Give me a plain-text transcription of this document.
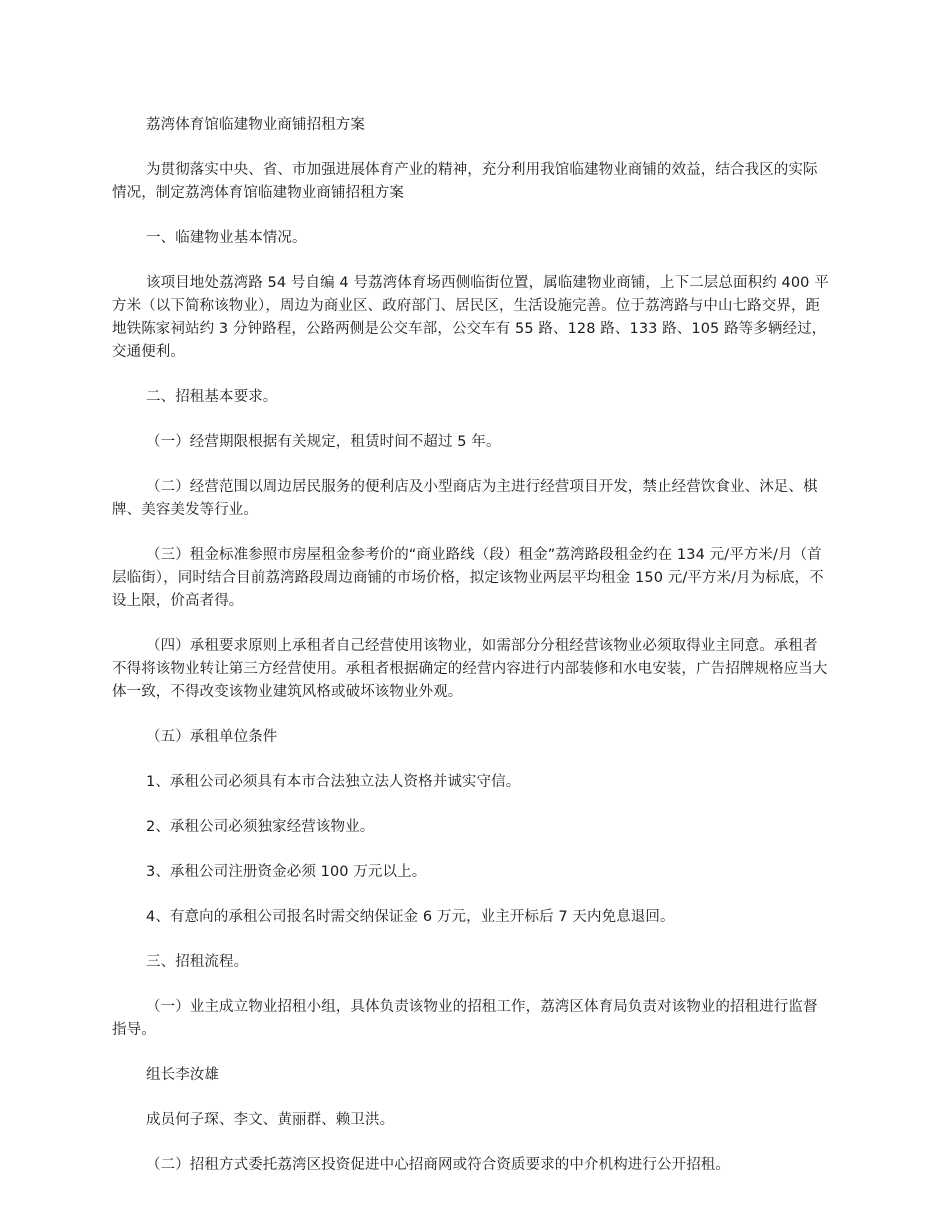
荔湾体育馆临建物业商铺招租方案

为贯彻落实中央、省、市加强进展体育产业的精神，充分利用我馆临建物业商铺的效益，结合我区的实际情况，制定荔湾体育馆临建物业商铺招租方案

一、临建物业基本情况。

该项目地处荔湾路 54 号自编 4 号荔湾体育场西侧临街位置，属临建物业商铺，上下二层总面积约 400 平方米（以下简称该物业），周边为商业区、政府部门、居民区，生活设施完善。位于荔湾路与中山七路交界，距地铁陈家祠站约 3 分钟路程，公路两侧是公交车部，公交车有 55 路、128 路、133 路、105 路等多辆经过，交通便利。

二、招租基本要求。

（一）经营期限根据有关规定，租赁时间不超过 5 年。

（二）经营范围以周边居民服务的便利店及小型商店为主进行经营项目开发，禁止经营饮食业、沐足、棋牌、美容美发等行业。

（三）租金标准参照市房屋租金参考价的“商业路线（段）租金”荔湾路段租金约在 134 元/平方米/月（首层临街），同时结合目前荔湾路段周边商铺的市场价格，拟定该物业两层平均租金 150 元/平方米/月为标底，不设上限，价高者得。

（四）承租要求原则上承租者自己经营使用该物业，如需部分分租经营该物业必须取得业主同意。承租者不得将该物业转让第三方经营使用。承租者根据确定的经营内容进行内部装修和水电安装，广告招牌规格应当大体一致，不得改变该物业建筑风格或破坏该物业外观。

（五）承租单位条件

1、承租公司必须具有本市合法独立法人资格并诚实守信。

2、承租公司必须独家经营该物业。

3、承租公司注册资金必须 100 万元以上。

4、有意向的承租公司报名时需交纳保证金 6 万元，业主开标后 7 天内免息退回。

三、招租流程。

（一）业主成立物业招租小组，具体负责该物业的招租工作，荔湾区体育局负责对该物业的招租进行监督指导。

组长李汝雄

成员何子琛、李文、黄丽群、赖卫洪。

（二）招租方式委托荔湾区投资促进中心招商网或符合资质要求的中介机构进行公开招租。
